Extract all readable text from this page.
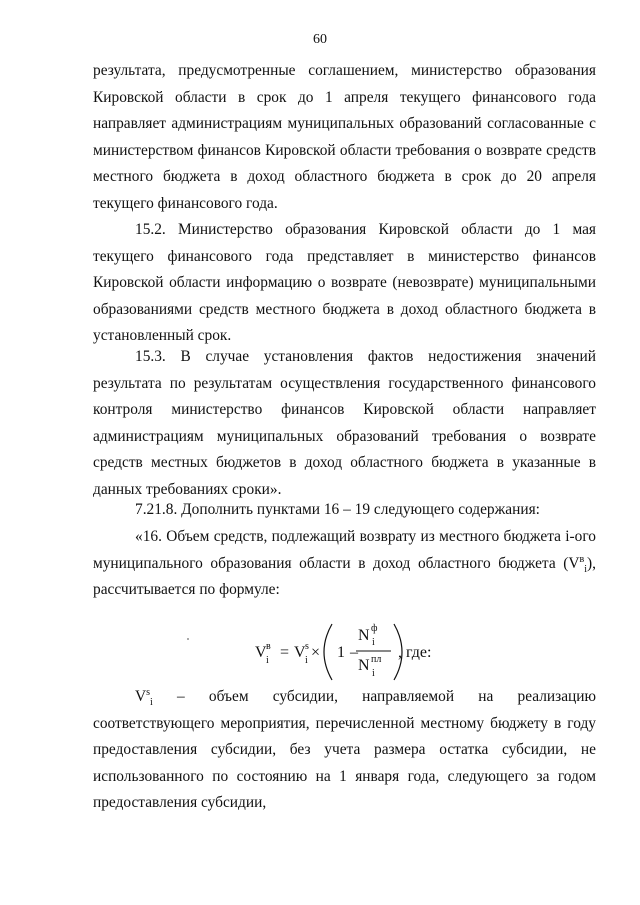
60
результата, предусмотренные соглашением, министерство образования Кировской области в срок до 1 апреля текущего финансового года направляет администрациям муниципальных образований согласованные с министерством финансов Кировской области требования о возврате средств местного бюджета в доход областного бюджета в срок до 20 апреля текущего финансового года.
15.2. Министерство образования Кировской области до 1 мая текущего финансового года представляет в министерство финансов Кировской области информацию о возврате (невозврате) муниципальными образованиями средств местного бюджета в доход областного бюджета в установленный срок.
15.3. В случае установления фактов недостижения значений результата по результатам осуществления государственного финансового контроля министерство финансов Кировской области направляет администрациям муниципальных образований требования о возврате средств местных бюджетов в доход областного бюджета в указанные в данных требованиях сроки».
7.21.8. Дополнить пунктами 16 – 19 следующего содержания:
«16. Объем средств, подлежащий возврату из местного бюджета i-ого муниципального образования области в доход областного бюджета $(V^в_i)$, рассчитывается по формуле:
V в
i = V s
i × 1 –
N ф
i
N пл
i
, где:
$V^s_i$ – объем субсидии, направляемой на реализацию соответствующего мероприятия, перечисленной местному бюджету в году предоставления субсидии, без учета размера остатка субсидии, не использованного по состоянию на 1 января года, следующего за годом предоставления субсидии,
